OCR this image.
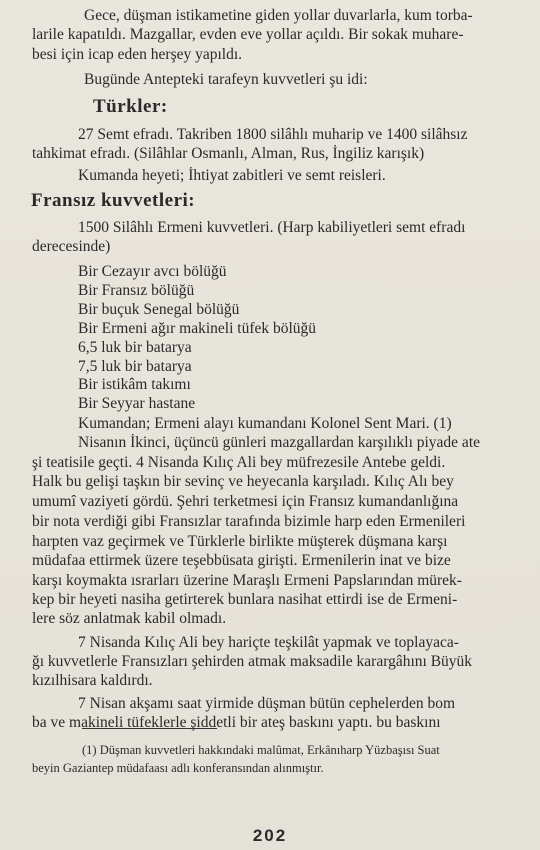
Gece, düşman istikametine giden yollar duvarlarla, kum torba-
larile kapatıldı. Mazgallar, evden eve yollar açıldı. Bir sokak muhare-
besi için icap eden herşey yapıldı.
Bugünde Antepteki tarafeyn kuvvetleri şu idi:
Türkler:
27 Semt efradı. Takriben 1800 silâhlı muharip ve 1400 silâhsız
tahkimat efradı. (Silâhlar Osmanlı, Alman, Rus, İngiliz karışık)
Kumanda heyeti; İhtiyat zabitleri ve semt reisleri.
Fransız kuvvetleri:
1500 Silâhlı Ermeni kuvvetleri. (Harp kabiliyetleri semt efradı
derecesinde)
Bir Cezayır avcı bölüğü
Bir Fransız bölüğü
Bir buçuk Senegal bölüğü
Bir Ermeni ağır makineli tüfek bölüğü
6,5 luk bir batarya
7,5 luk bir batarya
Bir istikâm takımı
Bir Seyyar hastane
Kumandan; Ermeni alayı kumandanı Kolonel Sent Mari. (1)
Nisanın İkinci, üçüncü günleri mazgallardan karşılıklı piyade ate
şi teatisile geçti. 4 Nisanda Kılıç Ali bey müfrezesile Antebe geldi.
Halk bu gelişi taşkın bir sevinç ve heyecanla karşıladı. Kılıç Alı bey
umumî vaziyeti gördü. Şehri terketmesi için Fransız kumandanlığına
bir nota verdiği gibi Fransızlar tarafında bizimle harp eden Ermenileri
harpten vaz geçirmek ve Türklerle birlikte müşterek düşmana karşı
müdafaa ettirmek üzere teşebbüsata girişti. Ermenilerin inat ve bize
karşı koymakta ısrarları üzerine Maraşlı Ermeni Papslarından mürek-
kep bir heyeti nasiha getirterek bunlara nasihat ettirdi ise de Ermeni-
lere söz anlatmak kabil olmadı.
7 Nisanda Kılıç Ali bey hariçte teşkilât yapmak ve toplayaca-
ğı kuvvetlerle Fransızları şehirden atmak maksadile karargâhını Büyük
kızılhisara kaldırdı.
7 Nisan akşamı saat yirmide düşman bütün cephelerden bom
ba ve makineli tüfeklerle şiddetli bir ateş baskını yaptı. bu baskını
(1) Düşman kuvvetleri hakkındaki malûmat, Erkânıharp Yüzbaşısı Suat
beyin Gaziantep müdafaası adlı konferansından alınmıştır.
202
